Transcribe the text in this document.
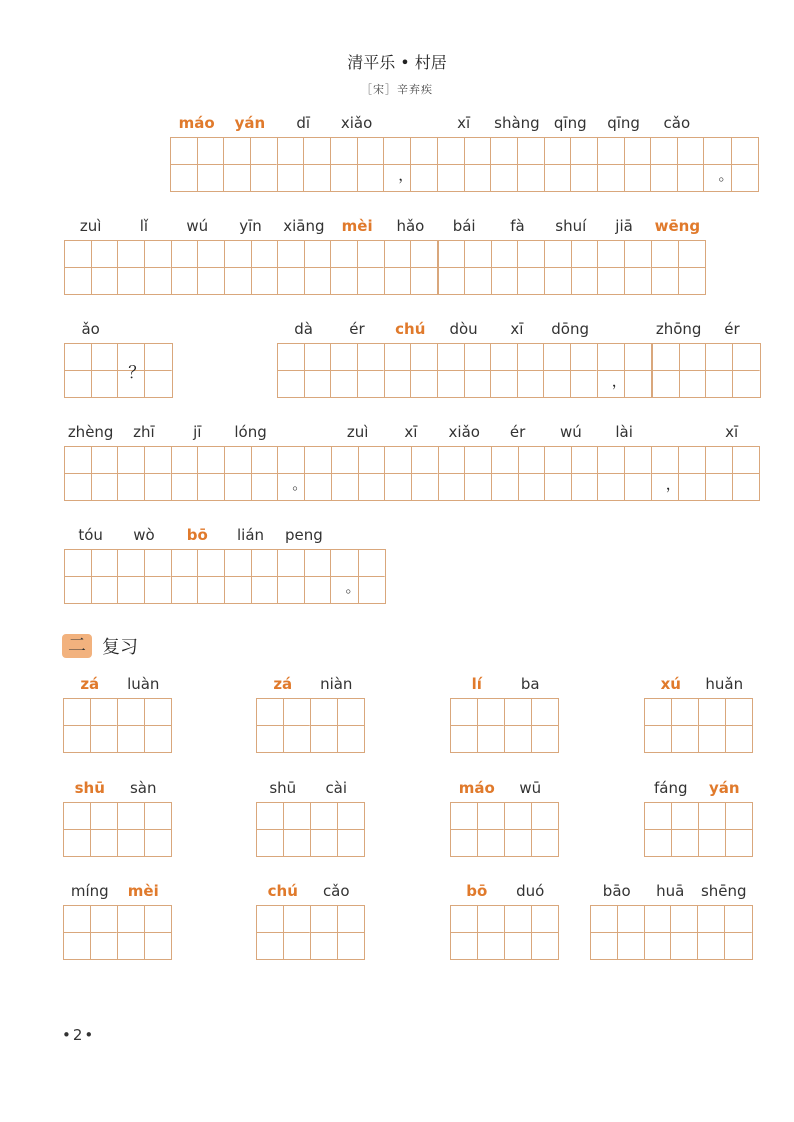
清平乐 • 村居
［宋］辛弃疾
máo	yán	dī	xiǎo
，
xī	shàng qīng	qīng	cǎo
。
zuì	lǐ	wú	yīn	xiāng	mèi	hǎo	bái	fà	shuí	jiā	wēng
ǎo
？
dà	ér	chú	dòu	xī	dōng
，
zhōng	ér
zhèng	zhī	jī	lóng
。
zuì	xī	xiǎo	ér	wú	lài
，
xī
tóu	wò	bō	lián	peng
。
二 复习
zá	luàn	zá	niàn	lí	ba	xú	huǎn
shū	sàn	shū	cài	máo	wū	fáng	yán
míng	mèi	chú	cǎo	bō	duó	bāo	huā	shēng
•2•
